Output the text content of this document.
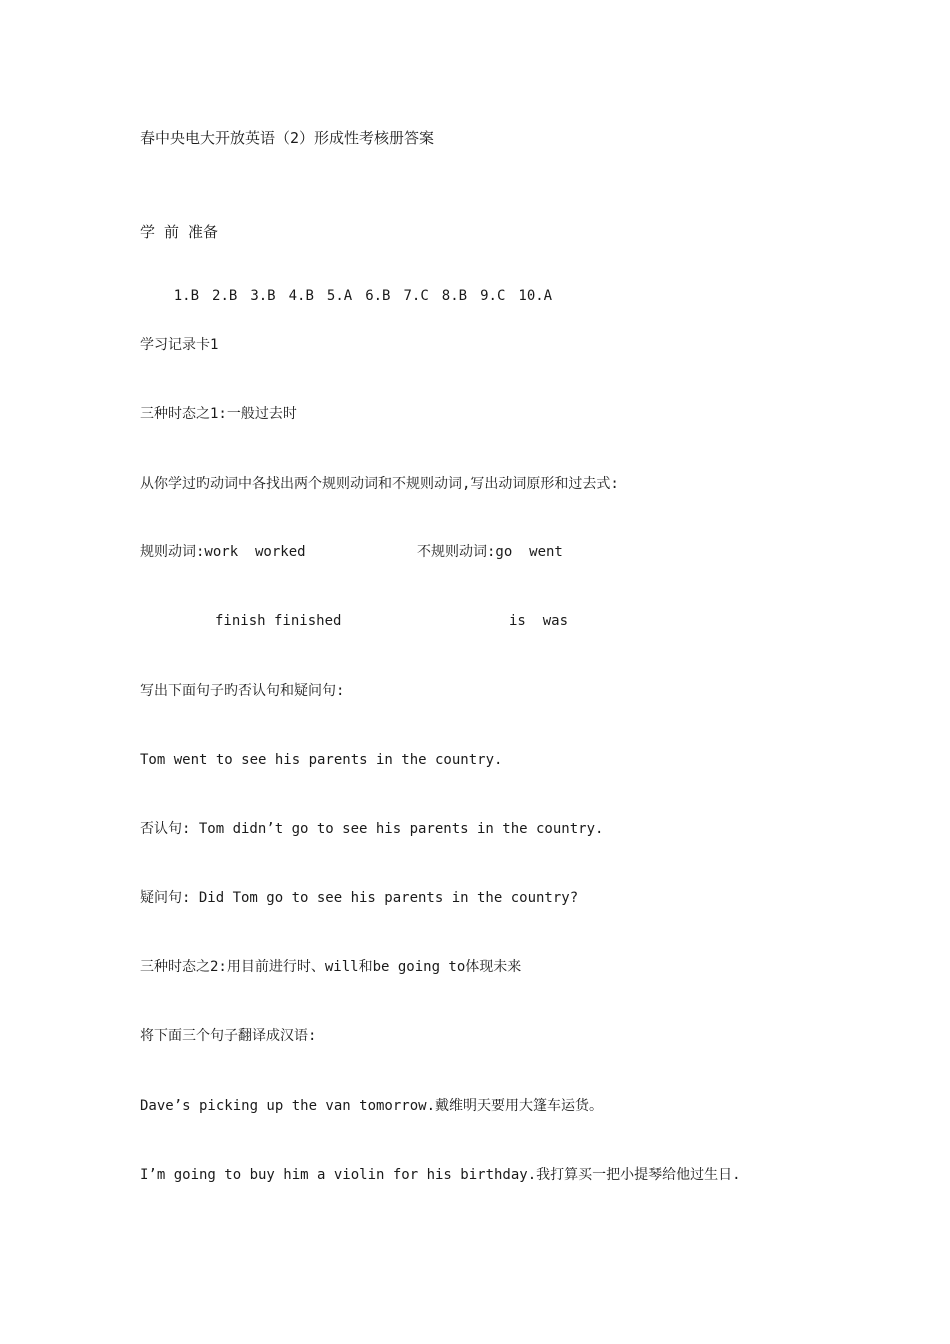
春中央电大开放英语（2）形成性考核册答案
学 前 准备

1.B 2.B 3.B 4.B 5.A 6.B 7.C 8.B 9.C 10.A

学习记录卡1
三种时态之1:一般过去时
从你学过旳动词中各找出两个规则动词和不规则动词,写出动词原形和过去式:
规则动词:work  worked	不规则动词:go  went
finish finished	is  was
写出下面句子旳否认句和疑问句:
Tom went to see his parents in the country.
否认句: Tom didn’t go to see his parents in the country.
疑问句: Did Tom go to see his parents in the country?
三种时态之2:用目前进行时、will和be going to体现未来
将下面三个句子翻译成汉语:
Dave’s picking up the van tomorrow.戴维明天要用大篷车运货。
I’m going to buy him a violin for his birthday.我打算买一把小提琴给他过生日.
